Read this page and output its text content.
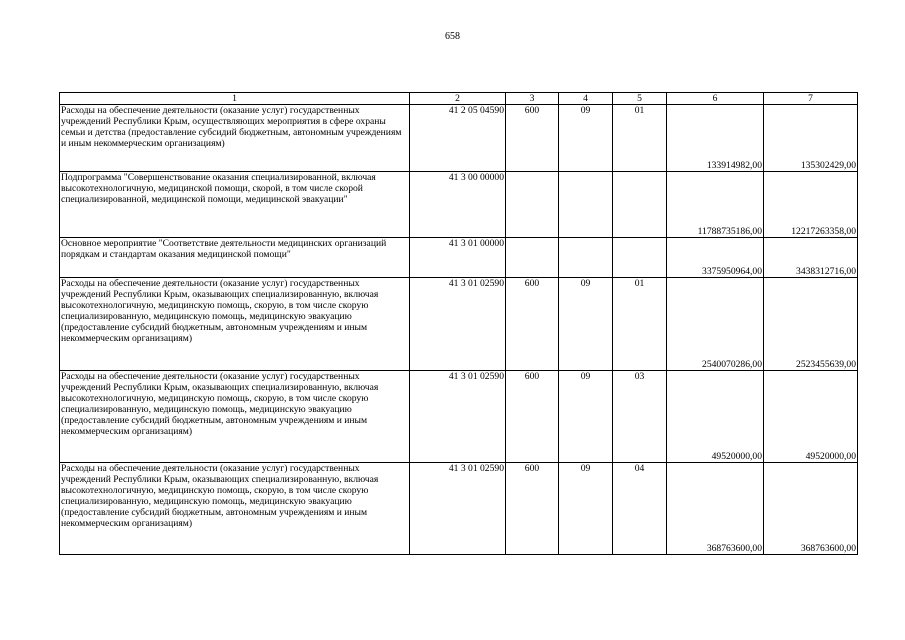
658
1	2	3	4	5	6	7
Расходы на обеспечение деятельности (оказание услуг) государственных учреждений Республики Крым, осуществляющих мероприятия в сфере охраны семьи и детства (предоставление субсидий бюджетным, автономным учреждениям и иным некоммерческим организациям)	41 2 05 04590	600	09	01	133914982,00	135302429,00
Подпрограмма "Совершенствование оказания специализированной, включая высокотехнологичную, медицинской помощи, скорой, в том числе скорой специализированной, медицинской помощи, медицинской эвакуации"	41 3 00 00000				11788735186,00	12217263358,00
Основное мероприятие "Соответствие деятельности медицинских организаций порядкам и стандартам оказания медицинской помощи"	41 3 01 00000				3375950964,00	3438312716,00
Расходы на обеспечение деятельности (оказание услуг) государственных учреждений Республики Крым, оказывающих специализированную, включая высокотехнологичную, медицинскую помощь, скорую, в том числе скорую специализированную, медицинскую помощь, медицинскую эвакуацию (предоставление субсидий бюджетным, автономным учреждениям и иным некоммерческим организациям)	41 3 01 02590	600	09	01	2540070286,00	2523455639,00
Расходы на обеспечение деятельности (оказание услуг) государственных учреждений Республики Крым, оказывающих специализированную, включая высокотехнологичную, медицинскую помощь, скорую, в том числе скорую специализированную, медицинскую помощь, медицинскую эвакуацию (предоставление субсидий бюджетным, автономным учреждениям и иным некоммерческим организациям)	41 3 01 02590	600	09	03	49520000,00	49520000,00
Расходы на обеспечение деятельности (оказание услуг) государственных учреждений Республики Крым, оказывающих специализированную, включая высокотехнологичную, медицинскую помощь, скорую, в том числе скорую специализированную, медицинскую помощь, медицинскую эвакуацию (предоставление субсидий бюджетным, автономным учреждениям и иным некоммерческим организациям)	41 3 01 02590	600	09	04	368763600,00	368763600,00
